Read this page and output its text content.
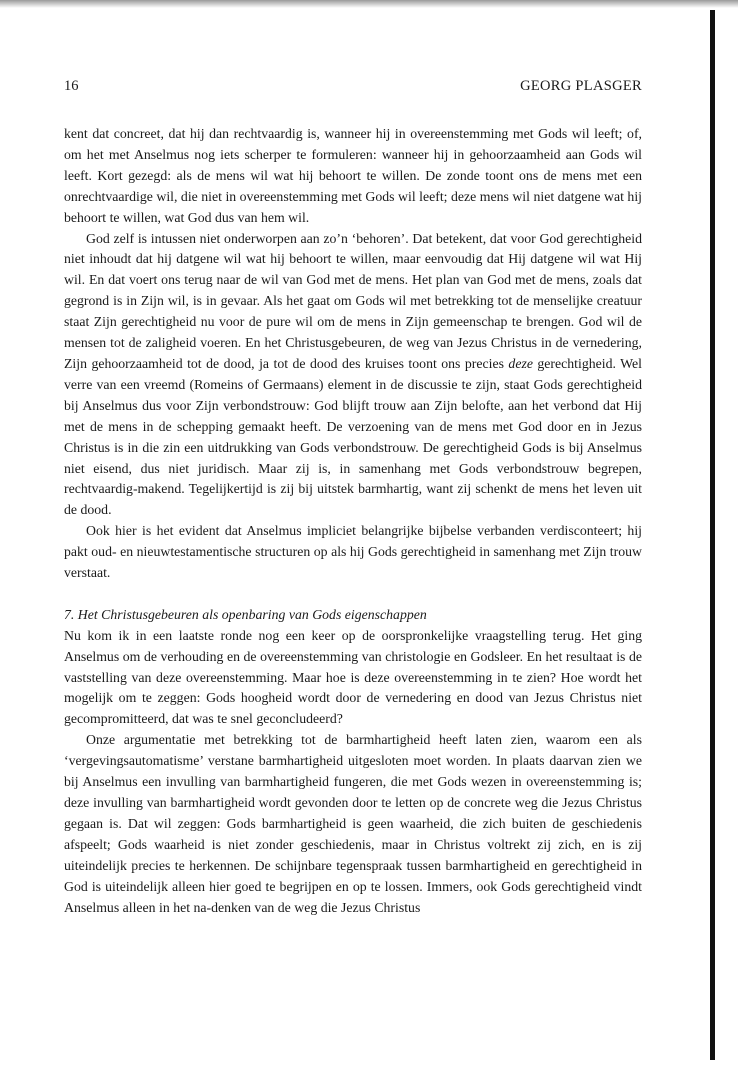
16	GEORG PLASGER

kent dat concreet, dat hij dan rechtvaardig is, wanneer hij in overeenstemming met Gods wil leeft; of, om het met Anselmus nog iets scherper te formuleren: wanneer hij in gehoorzaamheid aan Gods wil leeft. Kort gezegd: als de mens wil wat hij behoort te willen. De zonde toont ons de mens met een onrechtvaardige wil, die niet in overeenstemming met Gods wil leeft; deze mens wil niet datgene wat hij behoort te willen, wat God dus van hem wil.

God zelf is intussen niet onderworpen aan zo’n ‘behoren’. Dat betekent, dat voor God gerechtigheid niet inhoudt dat hij datgene wil wat hij behoort te willen, maar eenvoudig dat Hij datgene wil wat Hij wil. En dat voert ons terug naar de wil van God met de mens. Het plan van God met de mens, zoals dat gegrond is in Zijn wil, is in gevaar. Als het gaat om Gods wil met betrekking tot de menselijke creatuur staat Zijn gerechtigheid nu voor de pure wil om de mens in Zijn gemeenschap te brengen. God wil de mensen tot de zaligheid voeren. En het Christusgebeuren, de weg van Jezus Christus in de vernedering, Zijn gehoorzaamheid tot de dood, ja tot de dood des kruises toont ons precies deze gerechtigheid. Wel verre van een vreemd (Romeins of Germaans) element in de discussie te zijn, staat Gods gerechtigheid bij Anselmus dus voor Zijn verbondstrouw: God blijft trouw aan Zijn belofte, aan het verbond dat Hij met de mens in de schepping gemaakt heeft. De verzoening van de mens met God door en in Jezus Christus is in die zin een uitdrukking van Gods verbondstrouw. De gerechtigheid Gods is bij Anselmus niet eisend, dus niet juridisch. Maar zij is, in samenhang met Gods verbondstrouw begrepen, rechtvaardig-makend. Tegelijkertijd is zij bij uitstek barmhartig, want zij schenkt de mens het leven uit de dood.

Ook hier is het evident dat Anselmus impliciet belangrijke bijbelse verbanden verdisconteert; hij pakt oud- en nieuwtestamentische structuren op als hij Gods gerechtigheid in samenhang met Zijn trouw verstaat.

7. Het Christusgebeuren als openbaring van Gods eigenschappen

Nu kom ik in een laatste ronde nog een keer op de oorspronkelijke vraagstelling terug. Het ging Anselmus om de verhouding en de overeenstemming van christologie en Godsleer. En het resultaat is de vaststelling van deze overeenstemming. Maar hoe is deze overeenstemming in te zien? Hoe wordt het mogelijk om te zeggen: Gods hoogheid wordt door de vernedering en dood van Jezus Christus niet gecompromitteerd, dat was te snel geconcludeerd?

Onze argumentatie met betrekking tot de barmhartigheid heeft laten zien, waarom een als ‘vergevingsautomatisme’ verstane barmhartigheid uitgesloten moet worden. In plaats daarvan zien we bij Anselmus een invulling van barmhartigheid fungeren, die met Gods wezen in overeenstemming is; deze invulling van barmhartigheid wordt gevonden door te letten op de concrete weg die Jezus Christus gegaan is. Dat wil zeggen: Gods barmhartigheid is geen waarheid, die zich buiten de geschiedenis afspeelt; Gods waarheid is niet zonder geschiedenis, maar in Christus voltrekt zij zich, en is zij uiteindelijk precies te herkennen. De schijnbare tegenspraak tussen barmhartigheid en gerechtigheid in God is uiteindelijk alleen hier goed te begrijpen en op te lossen. Immers, ook Gods gerechtigheid vindt Anselmus alleen in het na-denken van de weg die Jezus Christus
